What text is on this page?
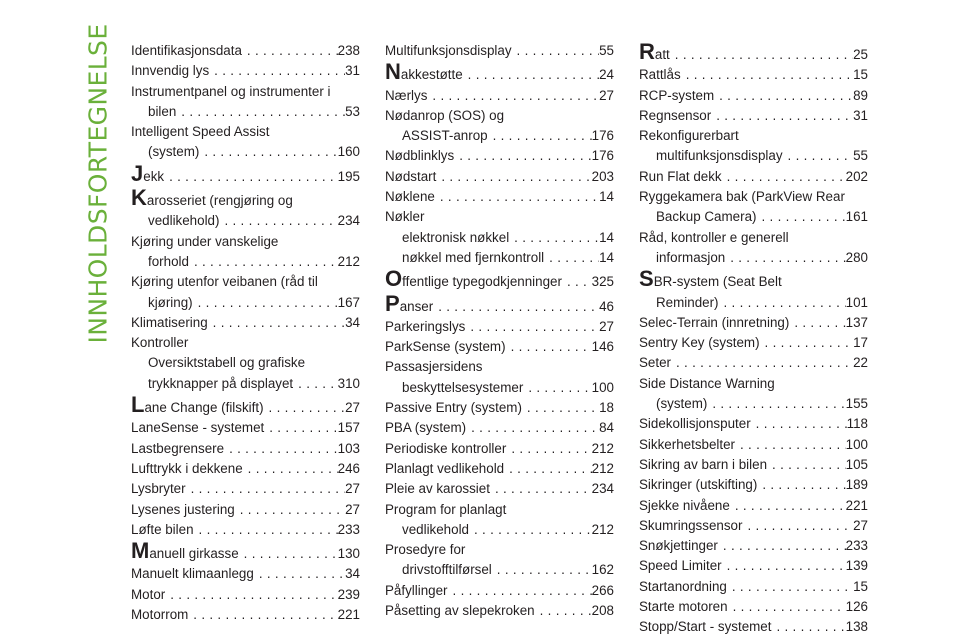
INNHOLDSFORTEGNELSE Identifikasjonsdata . . .	238
Innvendig lys . . .	31
Instrumentpanel og instrumenter i
bilen . . .	53
Intelligent Speed Assist
(system) . . .	160
Jekk . . .	195
Karosseriet (rengjøring og
vedlikehold) . . .	234
Kjøring under vanskelige
forhold . . .	212
Kjøring utenfor veibanen (råd til
kjøring) . . .	167
Klimatisering . . .	34
Kontroller
Oversiktstabell og grafiske
trykknapper på displayet . . .	310
Lane Change (filskift) . . .	27
LaneSense - systemet . . .	157
Lastbegrensere . . .	103
Lufttrykk i dekkene . . .	246
Lysbryter . . .	27
Lysenes justering . . .	27
Løfte bilen . . .	233
Manuell girkasse . . .	130
Manuelt klimaanlegg . . .	34
Motor . . .	239
Motorrom . . .	221
Multifunksjonsdisplay . . .	55
Nakkestøtte . . .	24
Nærlys . . .	27
Nødanrop (SOS) og
ASSIST-anrop . . .	176
Nødblinklys . . .	176
Nødstart . . .	203
Nøklene . . .	14
Nøkler
elektronisk nøkkel . . .	14
nøkkel med fjernkontroll . . .	14
Offentlige typegodkjenninger . . . 325
Panser . . .	46
Parkeringslys . . .	27
ParkSense (system) . . .	146
Passasjersidens
beskyttelsesystemer . . .	100
Passive Entry (system) . . .	18
PBA (system) . . .	84
Periodiske kontroller . . .	212
Planlagt vedlikehold . . .	212
Pleie av karossiet . . .	234
Program for planlagt
vedlikehold . . .	212
Prosedyre for
drivstofftilførsel . . .	162
Påfyllinger . . .	266
Påsetting av slepekroken . . .	208
Ratt . . .	25
Rattlås . . .	15
RCP-system . . .	89
Regnsensor . . .	31
Rekonfigurerbart
multifunksjonsdisplay . . .	55
Run Flat dekk . . .	202
Ryggekamera bak (ParkView Rear
Backup Camera) . . .	161
Råd, kontroller e generell
informasjon . . .	280
SBR-system (Seat Belt
Reminder) . . .	101
Selec-Terrain (innretning) . . .	137
Sentry Key (system) . . .	17
Seter . . .	22
Side Distance Warning
(system) . . .	155
Sidekollisjonsputer . . .	118
Sikkerhetsbelter . . .	100
Sikring av barn i bilen . . .	105
Sikringer (utskifting) . . .	189
Sjekke nivåene . . .	221
Skumringssensor . . .	27
Snøkjettinger . . .	233
Speed Limiter . . .	139
Startanordning . . .	15
Starte motoren . . .	126
Stopp/Start - systemet . . .	138
